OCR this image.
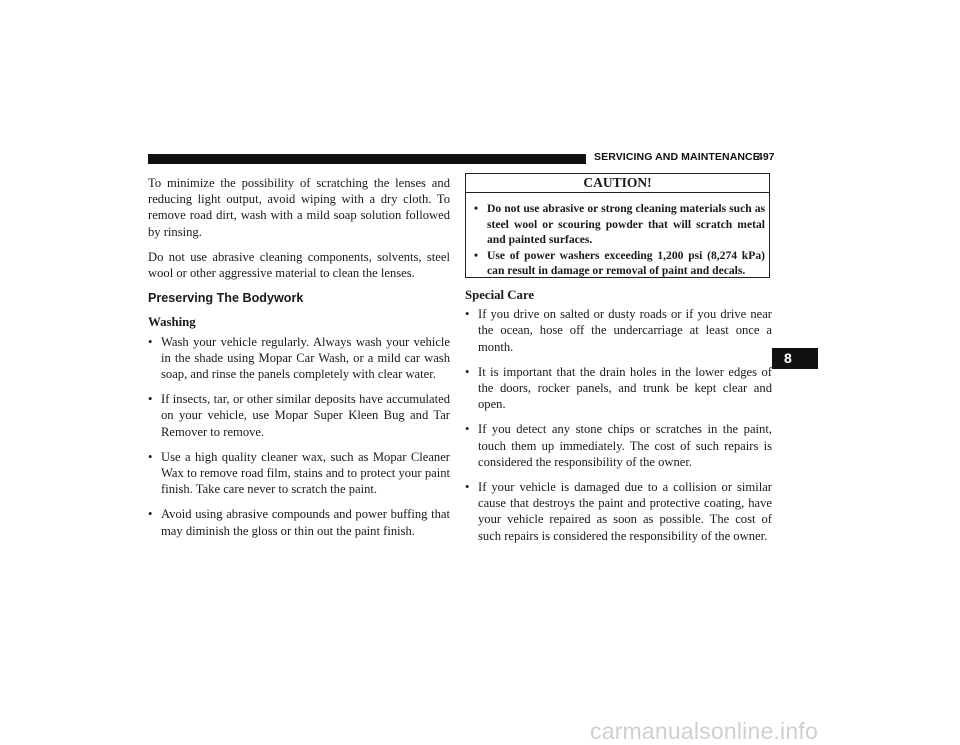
SERVICING AND MAINTENANCE
497

To minimize the possibility of scratching the lenses and reducing light output, avoid wiping with a dry cloth. To remove road dirt, wash with a mild soap solution followed by rinsing.

Do not use abrasive cleaning components, solvents, steel wool or other aggressive material to clean the lenses.

Preserving The Bodywork
Washing
• Wash your vehicle regularly. Always wash your vehicle in the shade using Mopar Car Wash, or a mild car wash soap, and rinse the panels completely with clear water.
• If insects, tar, or other similar deposits have accumulated on your vehicle, use Mopar Super Kleen Bug and Tar Remover to remove.
• Use a high quality cleaner wax, such as Mopar Cleaner Wax to remove road film, stains and to protect your paint finish. Take care never to scratch the paint.
• Avoid using abrasive compounds and power buffing that may diminish the gloss or thin out the paint finish.
CAUTION!
• Do not use abrasive or strong cleaning materials such as steel wool or scouring powder that will scratch metal and painted surfaces.
• Use of power washers exceeding 1,200 psi (8,274 kPa) can result in damage or removal of paint and decals.
Special Care
• If you drive on salted or dusty roads or if you drive near the ocean, hose off the undercarriage at least once a month.
• It is important that the drain holes in the lower edges of the doors, rocker panels, and trunk be kept clear and open.
• If you detect any stone chips or scratches in the paint, touch them up immediately. The cost of such repairs is considered the responsibility of the owner.
• If your vehicle is damaged due to a collision or similar cause that destroys the paint and protective coating, have your vehicle repaired as soon as possible. The cost of such repairs is considered the responsibility of the owner.
8
carmanualsonline.info
